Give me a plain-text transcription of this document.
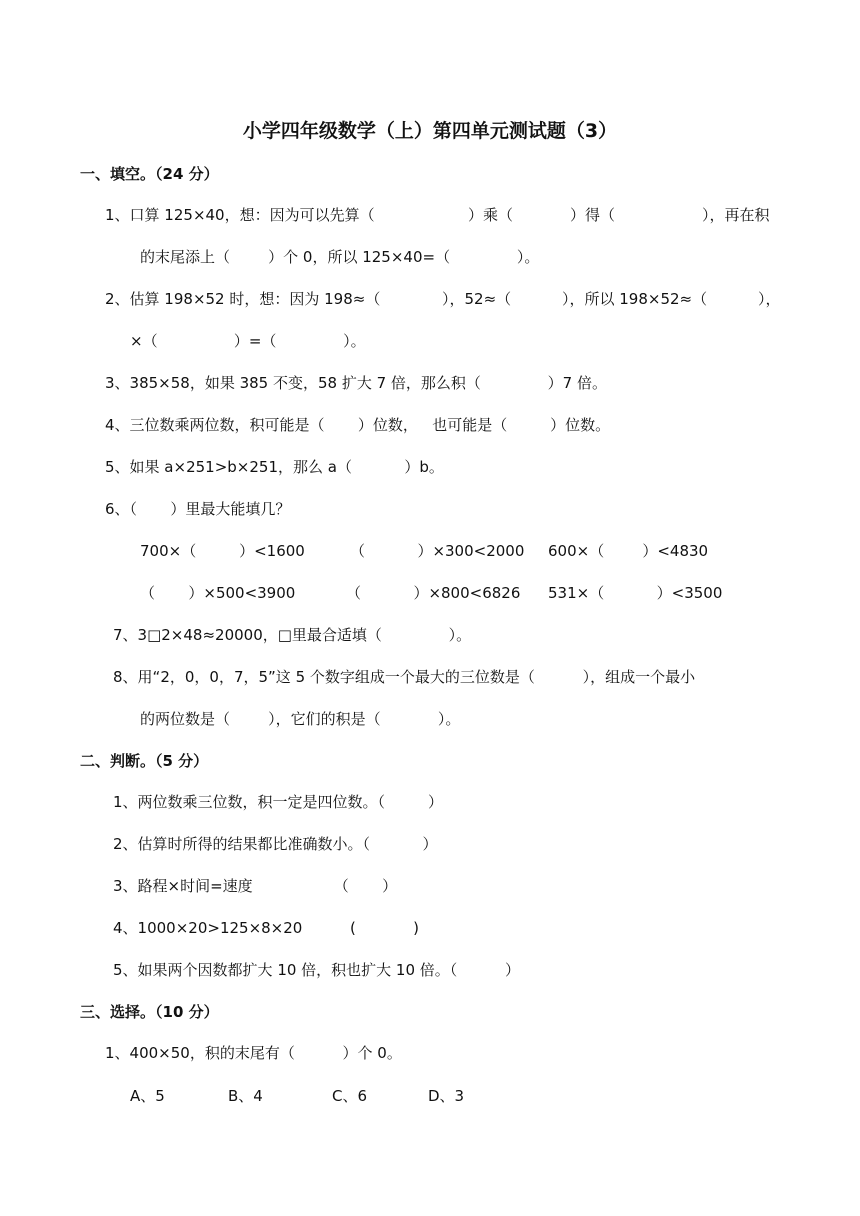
小学四年级数学（上）第四单元测试题（3）
一、填空。（24 分）
1、口算 125×40，想：因为可以先算（	）乘（	）得（	），再在积
的末尾添上（        ）个 0，所以 125×40=（              ）。
2、估算 198×52 时，想：因为 198≈（	），52≈（	），所以 198×52≈（	），
×（                ）=（              ）。
3、385×58，如果 385 不变，58 扩大 7 倍，那么积（              ）7 倍。
4、三位数乘两位数，积可能是（       ）位数，   也可能是（         ）位数。
5、如果 a×251>b×251，那么 a（           ）b。
6、（       ）里最大能填几？
700×（         ）<1600	（           ）×300<2000 600×（        ）<4830
（       ）×500<3900	（           ）×800<6826 531×（           ）<3500
7、3□2×48≈20000，□里最合适填（              ）。
8、用“2，0，0，7，5”这 5 个数字组成一个最大的三位数是（          ），组成一个最小
的两位数是（        ），它们的积是（            ）。
二、判断。（5 分）
1、两位数乘三位数，积一定是四位数。（         ）
2、估算时所得的结果都比准确数小。（           ）
3、路程×时间=速度                 （       ）
4、1000×20>125×8×20          (            )
5、如果两个因数都扩大 10 倍，积也扩大 10 倍。（          ）
三、选择。（10 分）
1、400×50，积的末尾有（          ）个 0。
A、5	B、4	C、6	D、3
